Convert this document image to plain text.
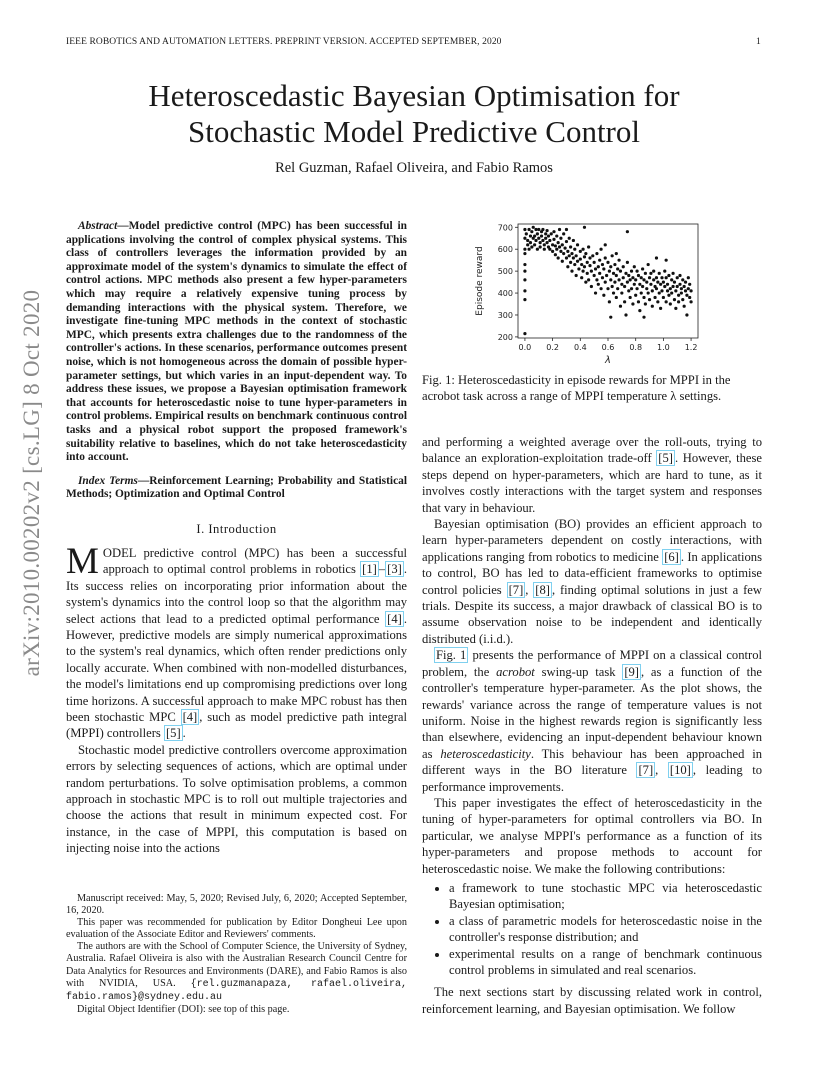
IEEE ROBOTICS AND AUTOMATION LETTERS. PREPRINT VERSION. ACCEPTED SEPTEMBER, 2020	1
Heteroscedastic Bayesian Optimisation for
Stochastic Model Predictive Control
Rel Guzman, Rafael Oliveira, and Fabio Ramos
arXiv:2010.00202v2 [cs.LG] 8 Oct 2020

Abstract—Model predictive control (MPC) has been successful in applications involving the control of complex physical systems. This class of controllers leverages the information provided by an approximate model of the system's dynamics to simulate the effect of control actions. MPC methods also present a few hyper-parameters which may require a relatively expensive tuning process by demanding interactions with the physical system. Therefore, we investigate fine-tuning MPC methods in the context of stochastic MPC, which presents extra challenges due to the randomness of the controller's actions. In these scenarios, performance outcomes present noise, which is not homogeneous across the domain of possible hyper-parameter settings, but which varies in an input-dependent way. To address these issues, we propose a Bayesian optimisation framework that accounts for heteroscedastic noise to tune hyper-parameters in control problems. Empirical results on benchmark continuous control tasks and a physical robot support the proposed framework's suitability relative to baselines, which do not take heteroscedasticity into account.

Index Terms—Reinforcement Learning; Probability and Statistical Methods; Optimization and Optimal Control

I. Introduction

MODEL predictive control (MPC) has been a successful approach to optimal control problems in robotics [1] – [3] . Its success relies on incorporating prior information about the system's dynamics into the control loop so that the algorithm may select actions that lead to a predicted optimal performance [4] . However, predictive models are simply numerical approximations to the system's real dynamics, which often render predictions only locally accurate. When combined with non-modelled disturbances, the model's limitations end up compromising predictions over long time horizons. A successful approach to make MPC robust has then been stochastic MPC [4] , such as model predictive path integral (MPPI) controllers [5] .

Stochastic model predictive controllers overcome approximation errors by selecting sequences of actions, which are optimal under random perturbations. To solve optimisation problems, a common approach in stochastic MPC is to roll out multiple trajectories and choose the actions that result in minimum expected cost. For instance, in the case of MPPI, this computation is based on injecting noise into the actions

Manuscript received: May, 5, 2020; Revised July, 6, 2020; Accepted September, 16, 2020.

This paper was recommended for publication by Editor Dongheui Lee upon evaluation of the Associate Editor and Reviewers' comments.

The authors are with the School of Computer Science, the University of Sydney, Australia. Rafael Oliveira is also with the Australian Research Council Centre for Data Analytics for Resources and Environments (DARE), and Fabio Ramos is also with NVIDIA, USA. {rel.guzmanapaza, rafael.oliveira, fabio.ramos}@sydney.edu.au

Digital Object Identifier (DOI): see top of this page.

0.0 0.2 0.4 0.6 0.8 1.0 1.2
200
300
400
500
600
700
λ
Episode reward
Fig. 1: Heteroscedasticity in episode rewards for MPPI in the acrobot task across a range of MPPI temperature λ settings.

and performing a weighted average over the roll-outs, trying to balance an exploration-exploitation trade-off [5] . However, these steps depend on hyper-parameters, which are hard to tune, as it involves costly interactions with the target system and responses that vary in behaviour.

Bayesian optimisation (BO) provides an efficient approach to learn hyper-parameters dependent on costly interactions, with applications ranging from robotics to medicine [6] . In applications to control, BO has led to data-efficient frameworks to optimise control policies [7] , [8] , finding optimal solutions in just a few trials. Despite its success, a major drawback of classical BO is to assume observation noise to be independent and identically distributed (i.i.d.).

Fig. 1 presents the performance of MPPI on a classical control problem, the acrobot swing-up task [9] , as a function of the controller's temperature hyper-parameter. As the plot shows, the rewards' variance across the range of temperature values is not uniform. Noise in the highest rewards region is significantly less than elsewhere, evidencing an input-dependent behaviour known as heteroscedasticity. This behaviour has been approached in different ways in the BO literature [7] , [10] , leading to performance improvements.

This paper investigates the effect of heteroscedasticity in the tuning of hyper-parameters for optimal controllers via BO. In particular, we analyse MPPI's performance as a function of its hyper-parameters and propose methods to account for heteroscedastic noise. We make the following contributions:

• a framework to tune stochastic MPC via heteroscedastic Bayesian optimisation;
• a class of parametric models for heteroscedastic noise in the controller's response distribution; and
• experimental results on a range of benchmark continuous control problems in simulated and real scenarios.

The next sections start by discussing related work in control, reinforcement learning, and Bayesian optimisation. We follow
